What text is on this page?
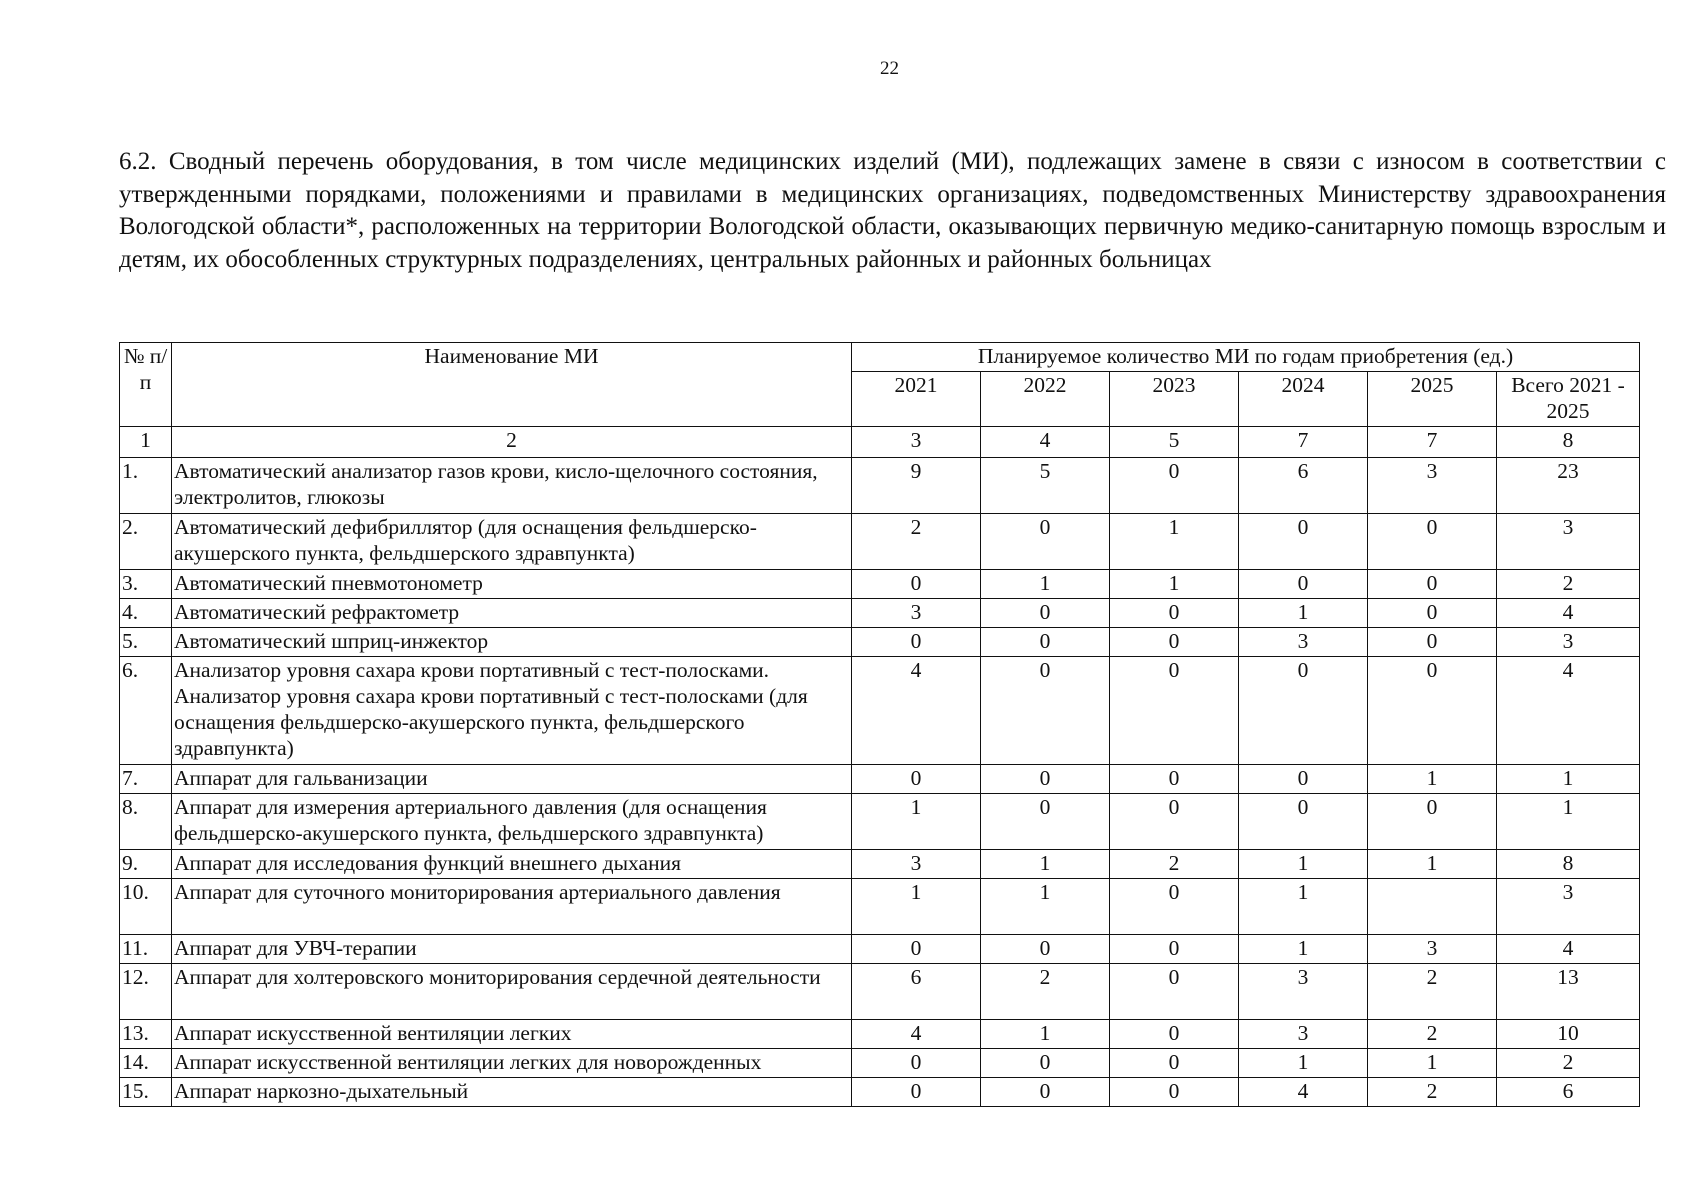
22
6.2. Сводный перечень оборудования, в том числе медицинских изделий (МИ), подлежащих замене в связи с износом в соответствии с утвержденными порядками, положениями и правилами в медицинских организациях, подведомственных Министерству здравоохранения Вологодской области*, расположенных на территории Вологодской области, оказывающих первичную медико-санитарную помощь взрослым и детям, их обособленных структурных подразделениях, центральных районных и районных больницах
№ п/п	Наименование МИ	Планируемое количество МИ по годам приобретения (ед.)					
		2021	2022	2023	2024	2025	Всего 2021 - 2025
1	2	3	4	5	7	7	8
1.	Автоматический анализатор газов крови, кисло-щелочного состояния, электролитов, глюкозы	9	5	0	6	3	23
2.	Автоматический дефибриллятор (для оснащения фельдшерско-акушерского пункта, фельдшерского здравпункта)	2	0	1	0	0	3
3.	Автоматический пневмотонометр	0	1	1	0	0	2
4.	Автоматический рефрактометр	3	0	0	1	0	4
5.	Автоматический шприц-инжектор	0	0	0	3	0	3
6.	Анализатор уровня сахара крови портативный с тест-полосками. Анализатор уровня сахара крови портативный с тест-полосками (для оснащения фельдшерско-акушерского пункта, фельдшерского здравпункта)	4	0	0	0	0	4
7.	Аппарат для гальванизации	0	0	0	0	1	1
8.	Аппарат для измерения артериального давления (для оснащения фельдшерско-акушерского пункта, фельдшерского здравпункта)	1	0	0	0	0	1
9.	Аппарат для исследования функций внешнего дыхания	3	1	2	1	1	8
10.	Аппарат для суточного мониторирования артериального давления	1	1	0	1		3
11.	Аппарат для УВЧ-терапии	0	0	0	1	3	4
12.	Аппарат для холтеровского мониторирования сердечной деятельности	6	2	0	3	2	13
13.	Аппарат искусственной вентиляции легких	4	1	0	3	2	10
14.	Аппарат искусственной вентиляции легких для новорожденных	0	0	0	1	1	2
15.	Аппарат наркозно-дыхательный	0	0	0	4	2	6
